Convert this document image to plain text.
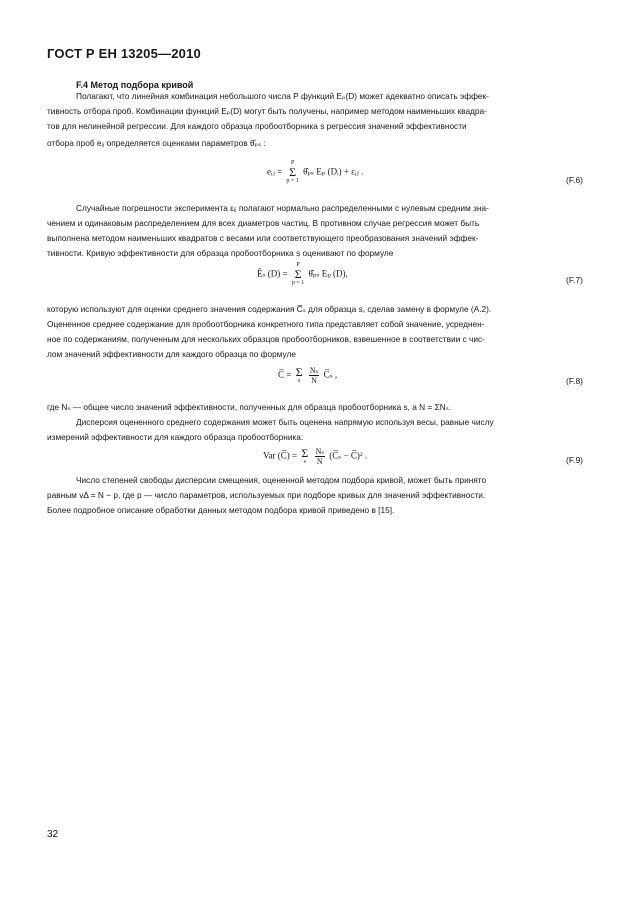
ГОСТ Р ЕН 13205—2010
F.4 Метод подбора кривой
Полагают, что линейная комбинация небольшого числа Р функций Eₚ(D) может адекватно описать эффек-
тивность отбора проб. Комбинации функций Eₚ(D) могут быть получены, например методом наименьших квадра-
тов для нелинейной регрессии. Для каждого образца пробоотборника s регрессия значений эффективности
отбора проб eᵢⱼ определяется оценками параметров θ̂ₚₛ :
eᵢⱼ =
P
Σ
p = 1
θ̂ₚₛ Eₚ (Dᵢ) + εᵢⱼ .
(F.6)
Случайные погрешности эксперимента εᵢⱼ полагают нормально распределенными с нулевым средним зна-
чением и одинаковым распределением для всех диаметров частиц. В противном случае регрессия может быть
выполнена методом наименьших квадратов с весами или соответствующего преобразования значений эффек-
тивности. Кривую эффективности для образца пробоотборника s оценивают по формуле
Êₛ (D) =
P
Σ
p = 1
θ̂ₚₛ Eₚ (D),
(F.7)
которую используют для оценки среднего значения содержания C̅ₛ для образца s, сделав замену в формуле (А.2).
Оцененное среднее содержание для пробоотборника конкретного типа представляет собой значение, усреднен-
ное по содержаниям, полученным для нескольких образцов пробоотборников, взвешенное в соответствии с чис-
лом значений эффективности для каждого образца по формуле
C̅ = Σ
s
$\frac{\text{Nₛ}}{N}$ C̅ₛ ,
(F.8)
где Nₛ — общее число значений эффективности, полученных для образца пробоотборника s, а N = ΣNₛ.
Дисперсия оцененного среднего содержания может быть оценена напрямую используя весы, равные числу
измерений эффективности для каждого образца пробоотборника:
Var (C̅) = Σ
s
$\frac{\text{Nₛ}}{N}$ (C̅ₛ − C̅)² .	(F.9)
Число степеней свободы дисперсии смещения, оцененной методом подбора кривой, может быть принято
равным vΔ = N − p, где p — число параметров, используемых при подборе кривых для значений эффективности.
Более подробное описание обработки данных методом подбора кривой приведено в [15].
32
